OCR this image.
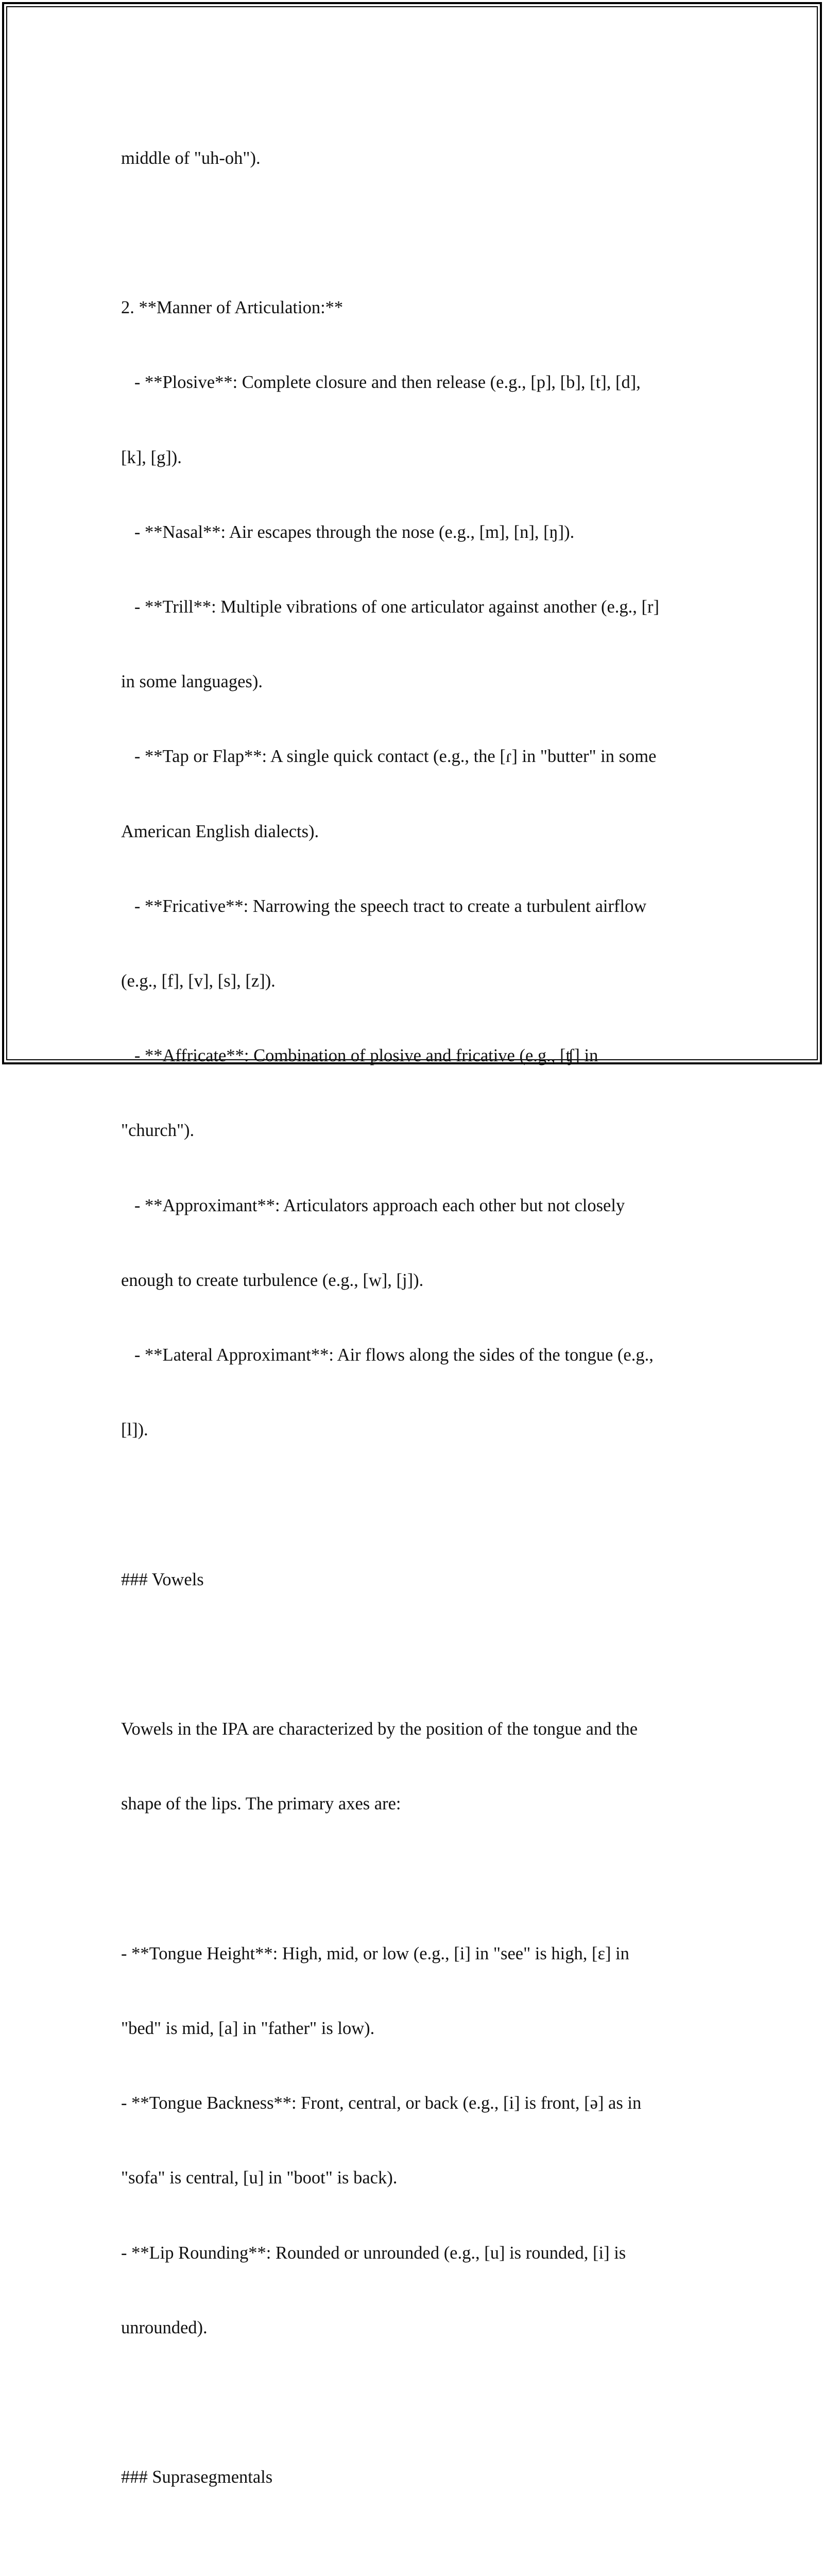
middle of "uh-oh").

2. **Manner of Articulation:**

- **Plosive**: Complete closure and then release (e.g., [p], [b], [t], [d],

[k], [g]).

- **Nasal**: Air escapes through the nose (e.g., [m], [n], [ŋ]).

- **Trill**: Multiple vibrations of one articulator against another (e.g., [r]

in some languages).

- **Tap or Flap**: A single quick contact (e.g., the [ɾ] in "butter" in some

American English dialects).

- **Fricative**: Narrowing the speech tract to create a turbulent airflow

(e.g., [f], [v], [s], [z]).

- **Affricate**: Combination of plosive and fricative (e.g., [ʧ] in

"church").

- **Approximant**: Articulators approach each other but not closely

enough to create turbulence (e.g., [w], [j]).

- **Lateral Approximant**: Air flows along the sides of the tongue (e.g.,

[l]).

### Vowels

Vowels in the IPA are characterized by the position of the tongue and the

shape of the lips. The primary axes are:

- **Tongue Height**: High, mid, or low (e.g., [i] in "see" is high, [ɛ] in

"bed" is mid, [a] in "father" is low).

- **Tongue Backness**: Front, central, or back (e.g., [i] is front, [ə] as in

"sofa" is central, [u] in "boot" is back).

- **Lip Rounding**: Rounded or unrounded (e.g., [u] is rounded, [i] is

unrounded).

### Suprasegmentals
